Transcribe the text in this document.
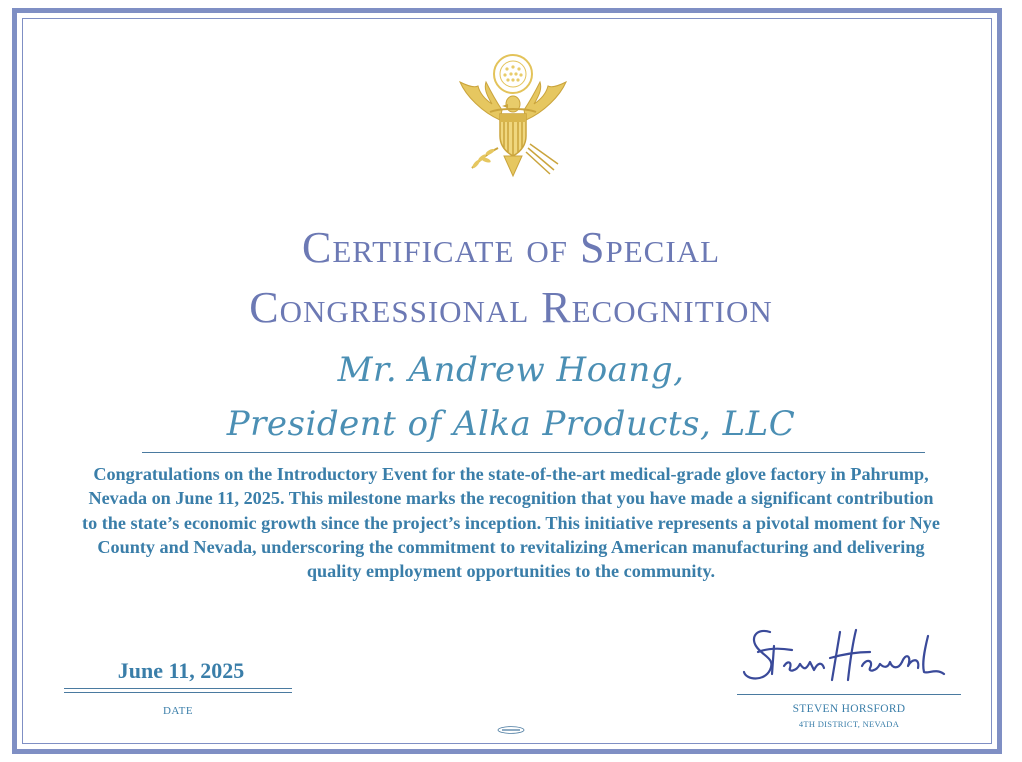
Certificate of Special
Congressional Recognition
Mr. Andrew Hoang,
President of Alka Products, LLC
Congratulations on the Introductory Event for the state-of-the-art medical-grade glove factory in Pahrump, Nevada on June 11, 2025. This milestone marks the recognition that you have made a significant contribution to the state’s economic growth since the project’s inception. This initiative represents a pivotal moment for Nye County and Nevada, underscoring the commitment to revitalizing American manufacturing and delivering quality employment opportunities to the community.
June 11, 2025
DATE	STEVEN HORSFORD
4TH DISTRICT, NEVADA
